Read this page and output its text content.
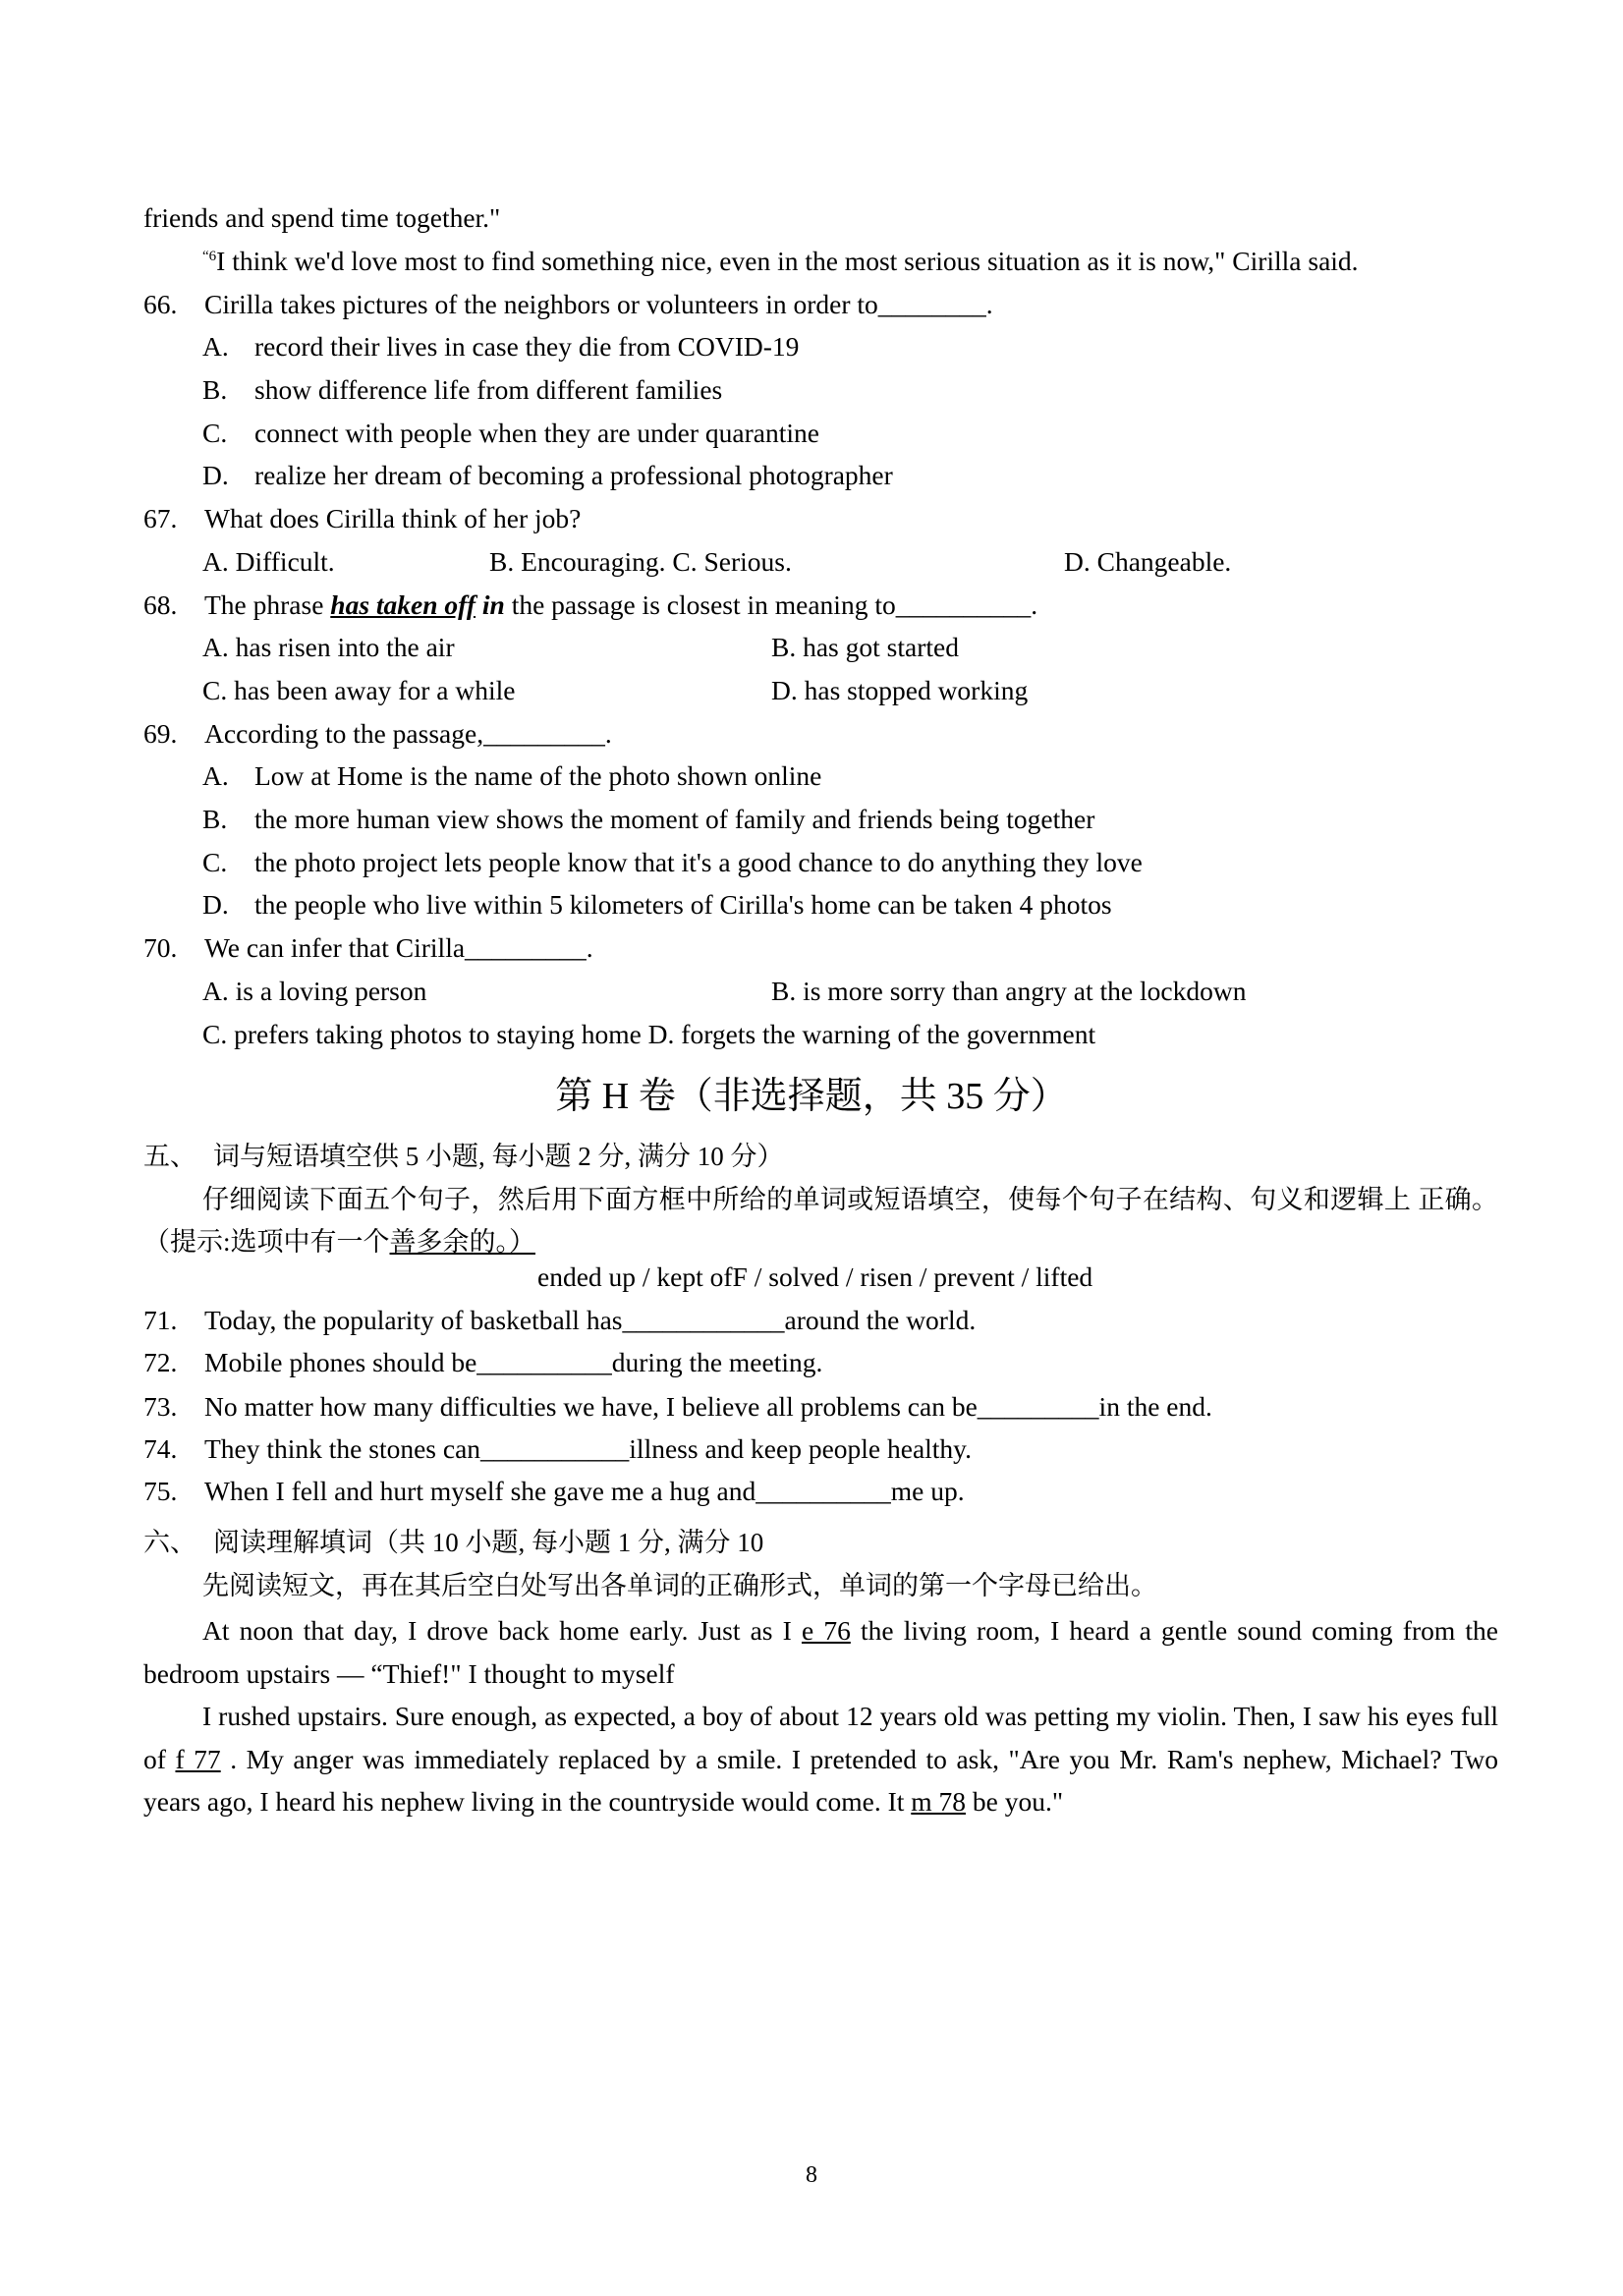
friends and spend time together."
$^{“6}$I think we'd love most to find something nice, even in the most serious situation as it is now," Cirilla said.
66. Cirilla takes pictures of the neighbors or volunteers in order to________.
A. record their lives in case they die from COVID-19
B. show difference life from different families
C. connect with people when they are under quarantine
D. realize her dream of becoming a professional photographer
67. What does Cirilla think of her job?
A. Difficult.	B. Encouraging. C. Serious.	D. Changeable.
68. The phrase has taken off in the passage is closest in meaning to__________.
A. has risen into the air	B. has got started
C. has been away for a while	D. has stopped working
69. According to the passage,_________.
A. Low at Home is the name of the photo shown online
B. the more human view shows the moment of family and friends being together
C. the photo project lets people know that it's a good chance to do anything they love
D. the people who live within 5 kilometers of Cirilla's home can be taken 4 photos
70. We can infer that Cirilla_________.
A. is a loving person	B. is more sorry than angry at the lockdown
C. prefers taking photos to staying home D. forgets the warning of the government
第 H 卷（非选择题，共 35 分）
五、 词与短语填空供 5 小题, 每小题 2 分, 满分 10 分）
仔细阅读下面五个句子，然后用下面方框中所给的单词或短语填空，使每个句子在结构、句义和逻辑上 正确。
（提示:选项中有一个善多余的。）
ended up / kept ofF / solved / risen / prevent / lifted
71. Today, the popularity of basketball has____________around the world.
72. Mobile phones should be__________during the meeting.
73. No matter how many difficulties we have, I believe all problems can be_________in the end.
74. They think the stones can___________illness and keep people healthy.
75. When I fell and hurt myself she gave me a hug and__________me up.
六、 阅读理解填词（共 10 小题, 每小题 1 分, 满分 10
先阅读短文，再在其后空白处写出各单词的正确形式，单词的第一个字母已给出。
At noon that day, I drove back home early. Just as I e 76 the living room, I heard a gentle sound coming from the
bedroom upstairs — “Thief!" I thought to myself
I rushed upstairs. Sure enough, as expected, a boy of about 12 years old was petting my violin. Then, I saw his eyes full
of f 77 . My anger was immediately replaced by a smile. I pretended to ask, "Are you Mr. Ram's nephew, Michael? Two
years ago, I heard his nephew living in the countryside would come. It m 78 be you."
8
